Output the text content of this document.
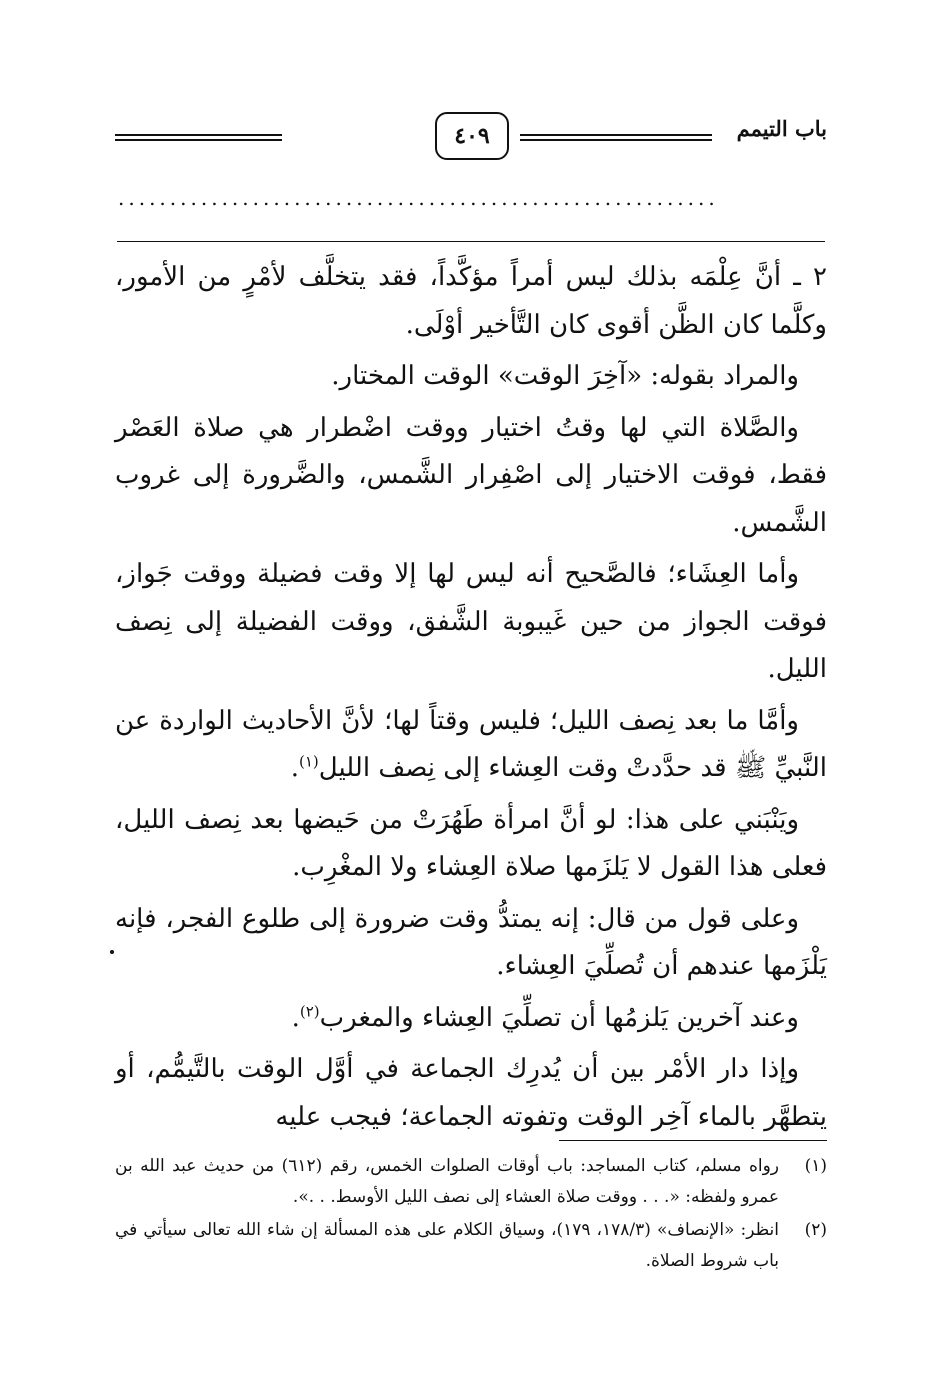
باب التيمم
٤٠٩
..........................................................

٢ ـ أنَّ عِلْمَه بذلك ليس أمراً مؤكَّداً، فقد يتخلَّف لأمْرٍ من الأمور، وكلَّما كان الظَّن أقوى كان التَّأخير أوْلَى.

والمراد بقوله: «آخِرَ الوقت» الوقت المختار.

والصَّلاة التي لها وقتُ اختيار ووقت اضْطرار هي صلاة العَصْر فقط، فوقت الاختيار إلى اصْفِرار الشَّمس، والضَّرورة إلى غروب الشَّمس.

وأما العِشَاء؛ فالصَّحيح أنه ليس لها إلا وقت فضيلة ووقت جَواز، فوقت الجواز من حين غَيبوبة الشَّفق، ووقت الفضيلة إلى نِصف الليل.

وأمَّا ما بعد نِصف الليل؛ فليس وقتاً لها؛ لأنَّ الأحاديث الواردة عن النَّبيِّ ﷺ قد حدَّدتْ وقت العِشاء إلى نِصف الليل$^{(١)}$.

ويَنْبَني على هذا: لو أنَّ امرأة طَهُرَتْ من حَيضها بعد نِصف الليل، فعلى هذا القول لا يَلزَمها صلاة العِشاء ولا المغْرِب.

وعلى قول من قال: إنه يمتدُّ وقت ضرورة إلى طلوع الفجر، فإنه يَلْزَمها عندهم أن تُصلِّيَ العِشاء.

وعند آخرين يَلزمُها أن تصلِّيَ العِشاء والمغرب$^{(٢)}$.

وإذا دار الأمْر بين أن يُدرِك الجماعة في أوَّل الوقت بالتَّيمُّم، أو يتطهَّر بالماء آخِر الوقت وتفوته الجماعة؛ فيجب عليه

(١)
رواه مسلم، كتاب المساجد: باب أوقات الصلوات الخمس، رقم (٦١٢) من حديث عبد الله بن عمرو ولفظه: «. . . ووقت صلاة العشاء إلى نصف الليل الأوسط. . .».
(٢)
انظر: «الإنصاف» (١٧٨/٣، ١٧٩)، وسياق الكلام على هذه المسألة إن شاء الله تعالى سيأتي في باب شروط الصلاة.
